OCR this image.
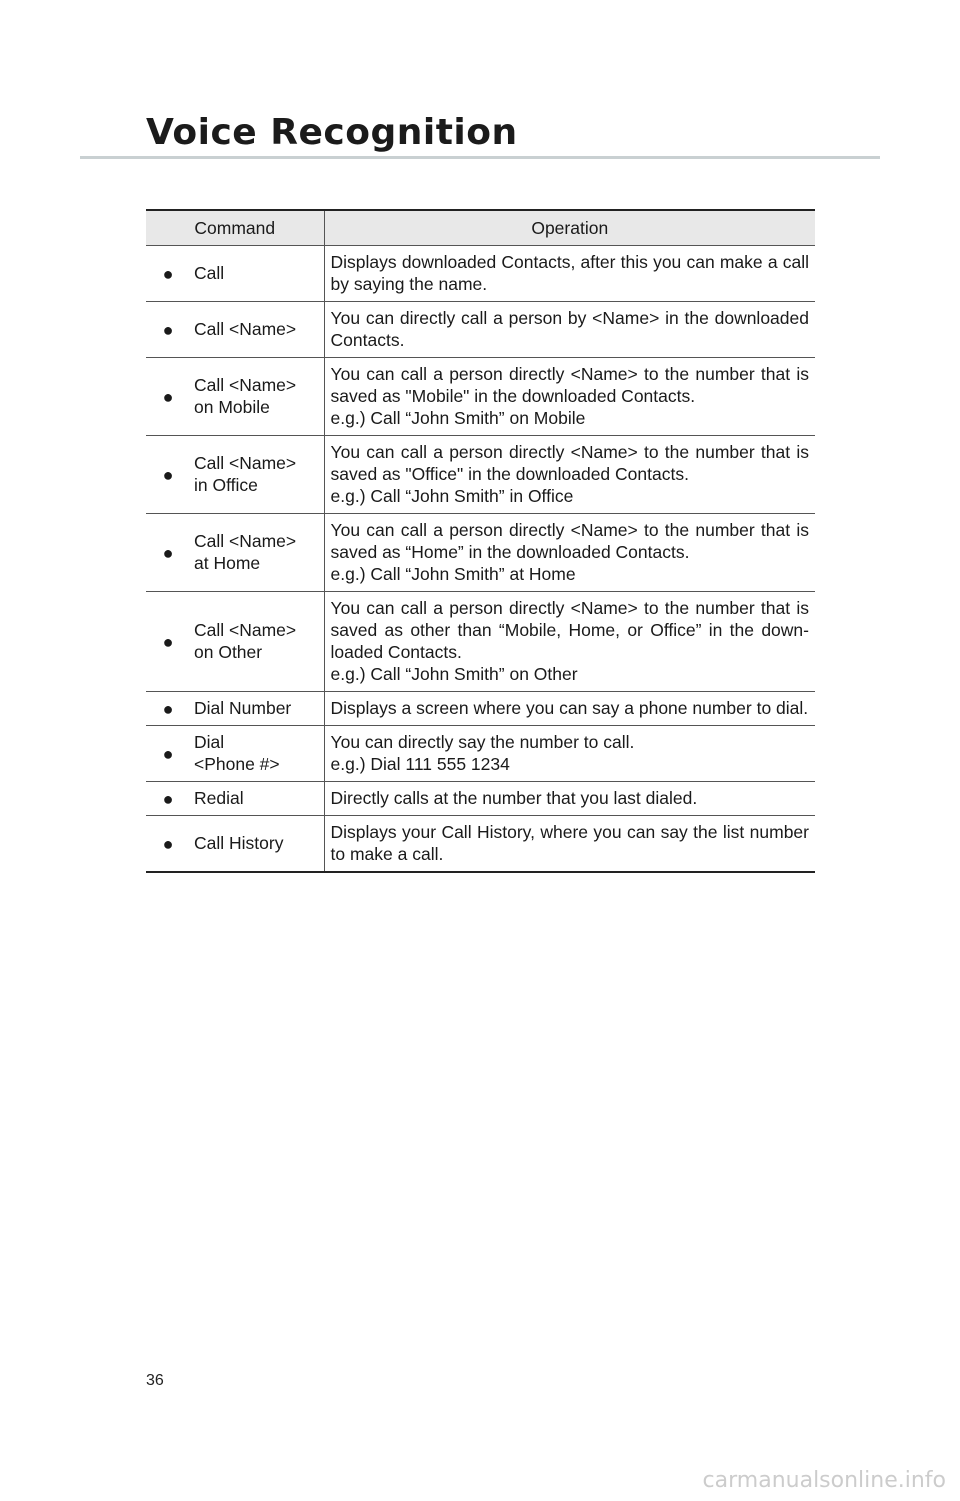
Voice Recognition
Command		Operation
●	Call	Displays downloaded Contacts, after this you can make a call by saying the name.

●	Call <Name>	You can directly call a person by <Name> in the downloaded Contacts.

●	Call <Name>
on Mobile	You can call a person directly <Name> to the number that is saved as "Mobile" in the downloaded Contacts.
e.g.) Call “John Smith” on Mobile

●	Call <Name>
in Office	You can call a person directly <Name> to the number that is saved as "Office" in the downloaded Contacts.
e.g.) Call “John Smith” in Office

●	Call <Name>
at Home	You can call a person directly <Name> to the number that is saved as “Home” in the downloaded Contacts.
e.g.) Call “John Smith” at Home

●	Call <Name>
on Other	You can call a person directly <Name> to the number that is saved as other than “Mobile, Home, or Office” in the down-loaded Contacts.
e.g.) Call “John Smith” on Other

●	Dial Number	Displays a screen where you can say a phone number to dial.

●	Dial
<Phone #>	You can directly say the number to call.
e.g.) Dial 111 555 1234

●	Redial	Directly calls at the number that you last dialed.

●	Call History	Displays your Call History, where you can say the list number to make a call.
36
carmanualsonline.info
